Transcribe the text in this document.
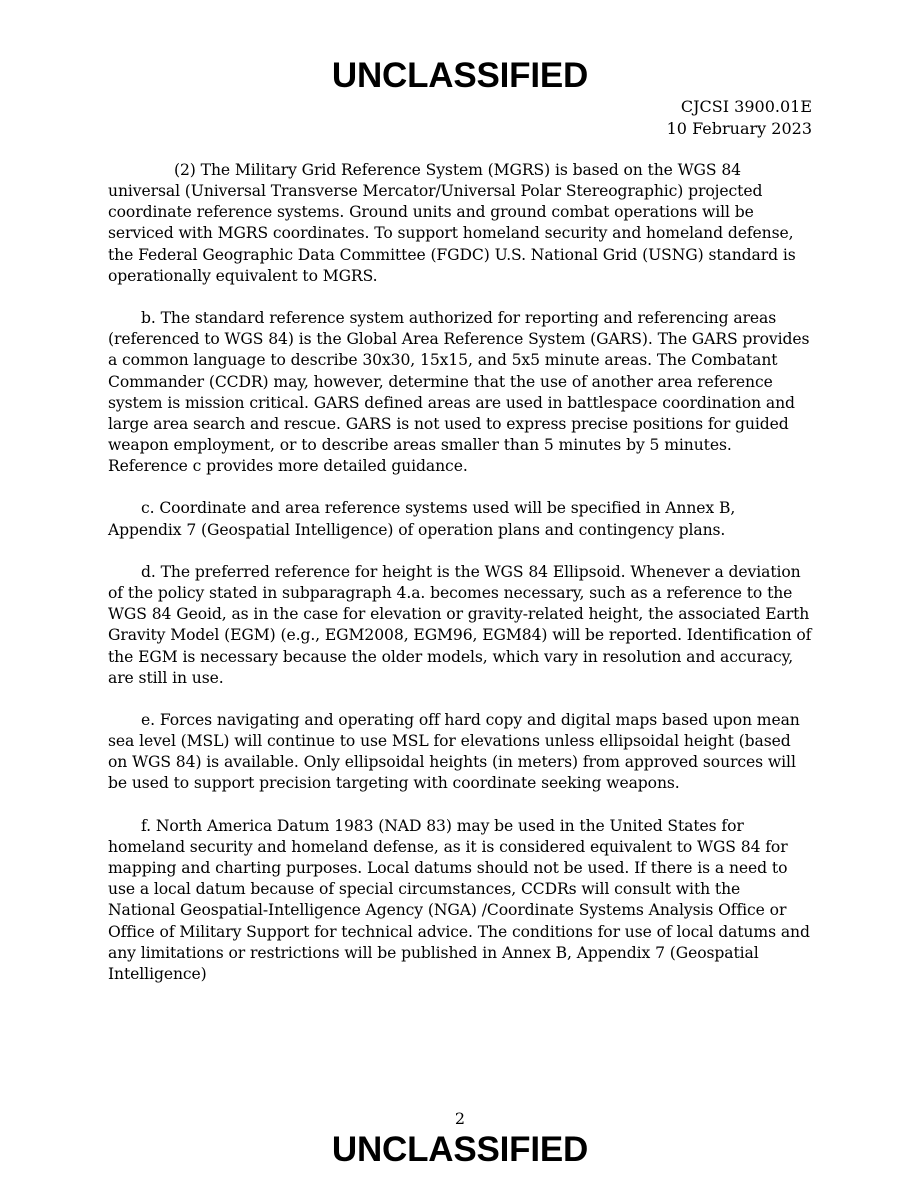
UNCLASSIFIED
CJCSI 3900.01E
10 February 2023

(2) The Military Grid Reference System (MGRS) is based on the WGS 84 universal (Universal Transverse Mercator/Universal Polar Stereographic) projected coordinate reference systems. Ground units and ground combat operations will be serviced with MGRS coordinates. To support homeland security and homeland defense, the Federal Geographic Data Committee (FGDC) U.S. National Grid (USNG) standard is operationally equivalent to MGRS.

b. The standard reference system authorized for reporting and referencing areas (referenced to WGS 84) is the Global Area Reference System (GARS). The GARS provides a common language to describe 30x30, 15x15, and 5x5 minute areas. The Combatant Commander (CCDR) may, however, determine that the use of another area reference system is mission critical. GARS defined areas are used in battlespace coordination and large area search and rescue. GARS is not used to express precise positions for guided weapon employment, or to describe areas smaller than 5 minutes by 5 minutes. Reference c provides more detailed guidance.

c. Coordinate and area reference systems used will be specified in Annex B, Appendix 7 (Geospatial Intelligence) of operation plans and contingency plans.

d. The preferred reference for height is the WGS 84 Ellipsoid. Whenever a deviation of the policy stated in subparagraph 4.a. becomes necessary, such as a reference to the WGS 84 Geoid, as in the case for elevation or gravity-related height, the associated Earth Gravity Model (EGM) (e.g., EGM2008, EGM96, EGM84) will be reported. Identification of the EGM is necessary because the older models, which vary in resolution and accuracy, are still in use.

e. Forces navigating and operating off hard copy and digital maps based upon mean sea level (MSL) will continue to use MSL for elevations unless ellipsoidal height (based on WGS 84) is available. Only ellipsoidal heights (in meters) from approved sources will be used to support precision targeting with coordinate seeking weapons.

f. North America Datum 1983 (NAD 83) may be used in the United States for homeland security and homeland defense, as it is considered equivalent to WGS 84 for mapping and charting purposes. Local datums should not be used. If there is a need to use a local datum because of special circumstances, CCDRs will consult with the National Geospatial-Intelligence Agency (NGA) /Coordinate Systems Analysis Office or Office of Military Support for technical advice. The conditions for use of local datums and any limitations or restrictions will be published in Annex B, Appendix 7 (Geospatial Intelligence)

2
UNCLASSIFIED
